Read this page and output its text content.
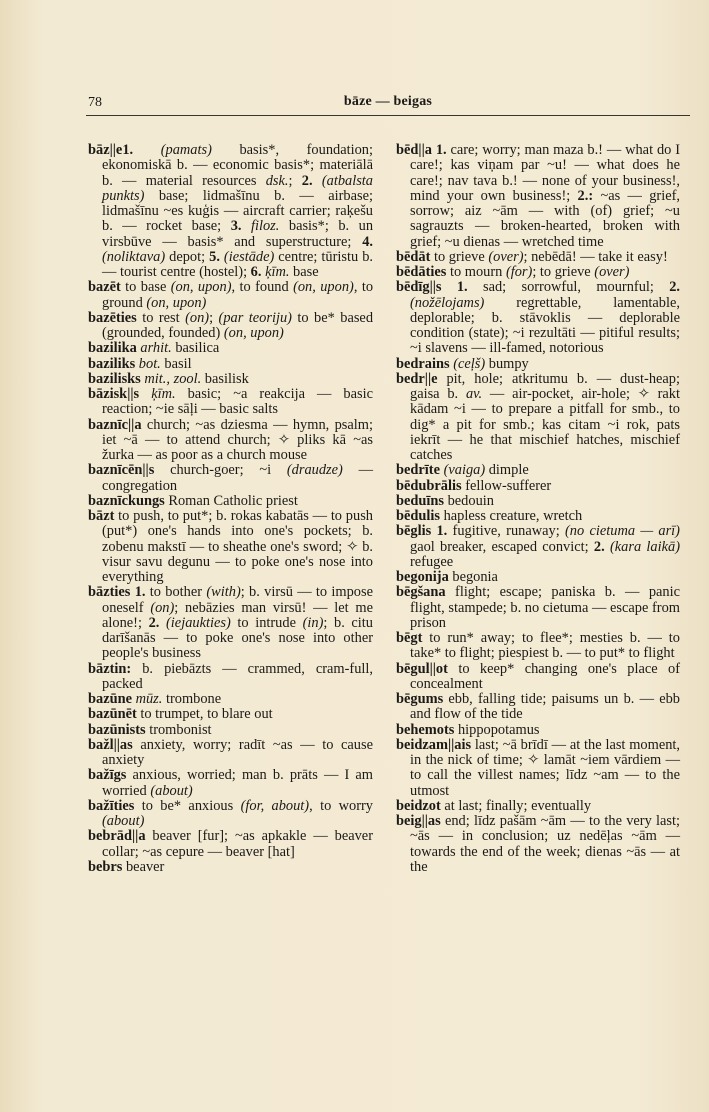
78	bāze — beigas

bāz||e1. (pamats) basis*, foundation; ekonomiskā b. — economic basis*; materiālā b. — material resources dsk.; 2. (atbalsta punkts) base; lidmašīnu b. — airbase; lidmašīnu ~es kuģis — aircraft carrier; raķešu b. — rocket base; 3. filoz. basis*; b. un virsbūve — basis* and superstructure; 4. (noliktava) depot; 5. (iestāde) centre; tūristu b. — tourist centre (hostel); 6. ķīm. base

bazēt to base (on, upon), to found (on, upon), to ground (on, upon)

bazēties to rest (on); (par teoriju) to be* based (grounded, founded) (on, upon)

bazilika arhit. basilica

baziliks bot. basil

bazilisks mit., zool. basilisk

bāzisk||s ķīm. basic; ~a reakcija — basic reaction; ~ie sāļi — basic salts

baznīc||a church; ~as dziesma — hymn, psalm; iet ~ā — to attend church; ✧ pliks kā ~as žurka — as poor as a church mouse

baznīcēn||s church-goer; ~i (draudze) — congregation

baznīckungs Roman Catholic priest

bāzt to push, to put*; b. rokas kabatās — to push (put*) one's hands into one's pockets; b. zobenu makstī — to sheathe one's sword; ✧ b. visur savu degunu — to poke one's nose into everything

bāzties 1. to bother (with); b. virsū — to impose oneself (on); nebāzies man virsū! — let me alone!; 2. (iejaukties) to intrude (in); b. citu darīšanās — to poke one's nose into other people's business

bāztin: b. piebāzts — crammed, cram-full, packed

bazūne mūz. trombone

bazūnēt to trumpet, to blare out

bazūnists trombonist

bažl||as anxiety, worry; radīt ~as — to cause anxiety

bažīgs anxious, worried; man b. prāts — I am worried (about)

bažīties to be* anxious (for, about), to worry (about)

bebrād||a beaver [fur]; ~as apkakle — beaver collar; ~as cepure — beaver [hat]

bebrs beaver

bēd||a 1. care; worry; man maza b.! — what do I care!; kas viņam par ~u! — what does he care!; nav tava b.! — none of your business!, mind your own business!; 2.: ~as — grief, sorrow; aiz ~ām — with (of) grief; ~u sagrauzts — broken-hearted, broken with grief; ~u dienas — wretched time

bēdāt to grieve (over); nebēdā! — take it easy!

bēdāties to mourn (for); to grieve (over)

bēdīg||s 1. sad; sorrowful, mournful; 2. (nožēlojams) regrettable, lamentable, deplorable; b. stāvoklis — deplorable condition (state); ~i rezultāti — pitiful results; ~i slavens — ill-famed, notorious

bedrains (ceļš) bumpy

bedr||e pit, hole; atkritumu b. — dust-heap; gaisa b. av. — air-pocket, air-hole; ✧ rakt kādam ~i — to prepare a pitfall for smb., to dig* a pit for smb.; kas citam ~i rok, pats iekrīt — he that mischief hatches, mischief catches

bedrīte (vaiga) dimple

bēdubrālis fellow-sufferer

beduīns bedouin

bēdulis hapless creature, wretch

bēglis 1. fugitive, runaway; (no cietuma — arī) gaol breaker, escaped convict; 2. (kara laikā) refugee

begonija begonia

bēgšana flight; escape; paniska b. — panic flight, stampede; b. no cietuma — escape from prison

bēgt to run* away; to flee*; mesties b. — to take* to flight; piespiest b. — to put* to flight

bēgul||ot to keep* changing one's place of concealment

bēgums ebb, falling tide; paisums un b. — ebb and flow of the tide

behemots hippopotamus

beidzam||ais last; ~ā brīdī — at the last moment, in the nick of time; ✧ lamāt ~iem vārdiem — to call the villest names; līdz ~am — to the utmost

beidzot at last; finally; eventually

beig||as end; līdz pašām ~ām — to the very last; ~ās — in conclusion; uz nedēļas ~ām — towards the end of the week; dienas ~ās — at the
